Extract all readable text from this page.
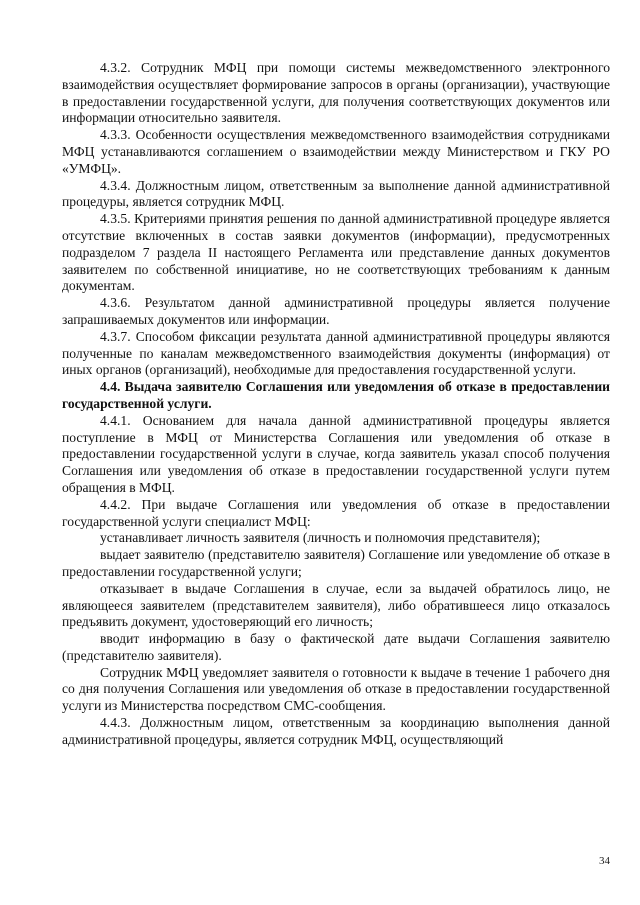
4.3.2. Сотрудник МФЦ при помощи системы межведомственного электронного взаимодействия осуществляет формирование запросов в органы (организации), участвующие в предоставлении государственной услуги, для получения соответствующих документов или информации относительно заявителя.

4.3.3. Особенности осуществления межведомственного взаимодействия сотрудниками МФЦ устанавливаются соглашением о взаимодействии между Министерством и ГКУ РО «УМФЦ».

4.3.4. Должностным лицом, ответственным за выполнение данной административной процедуры, является сотрудник МФЦ.

4.3.5. Критериями принятия решения по данной административной процедуре является отсутствие включенных в состав заявки документов (информации), предусмотренных подразделом 7 раздела II настоящего Регламента или представление данных документов заявителем по собственной инициативе, но не соответствующих требованиям к данным документам.

4.3.6. Результатом данной административной процедуры является получение запрашиваемых документов или информации.

4.3.7. Способом фиксации результата данной административной процедуры являются полученные по каналам межведомственного взаимодействия документы (информация) от иных органов (организаций), необходимые для предоставления государственной услуги.

4.4. Выдача заявителю Соглашения или уведомления об отказе в предоставлении государственной услуги.

4.4.1. Основанием для начала данной административной процедуры является поступление в МФЦ от Министерства Соглашения или уведомления об отказе в предоставлении государственной услуги в случае, когда заявитель указал способ получения Соглашения или уведомления об отказе в предоставлении государственной услуги путем обращения в МФЦ.

4.4.2. При выдаче Соглашения или уведомления об отказе в предоставлении государственной услуги специалист МФЦ:

устанавливает личность заявителя (личность и полномочия представителя);

выдает заявителю (представителю заявителя) Соглашение или уведомление об отказе в предоставлении государственной услуги;

отказывает в выдаче Соглашения в случае, если за выдачей обратилось лицо, не являющееся заявителем (представителем заявителя), либо обратившееся лицо отказалось предъявить документ, удостоверяющий его личность;

вводит информацию в базу о фактической дате выдачи Соглашения заявителю (представителю заявителя).

Сотрудник МФЦ уведомляет заявителя о готовности к выдаче в течение 1 рабочего дня со дня получения Соглашения или уведомления об отказе в предоставлении государственной услуги из Министерства посредством СМС-сообщения.

4.4.3. Должностным лицом, ответственным за координацию выполнения данной административной процедуры, является сотрудник МФЦ, осуществляющий

34
